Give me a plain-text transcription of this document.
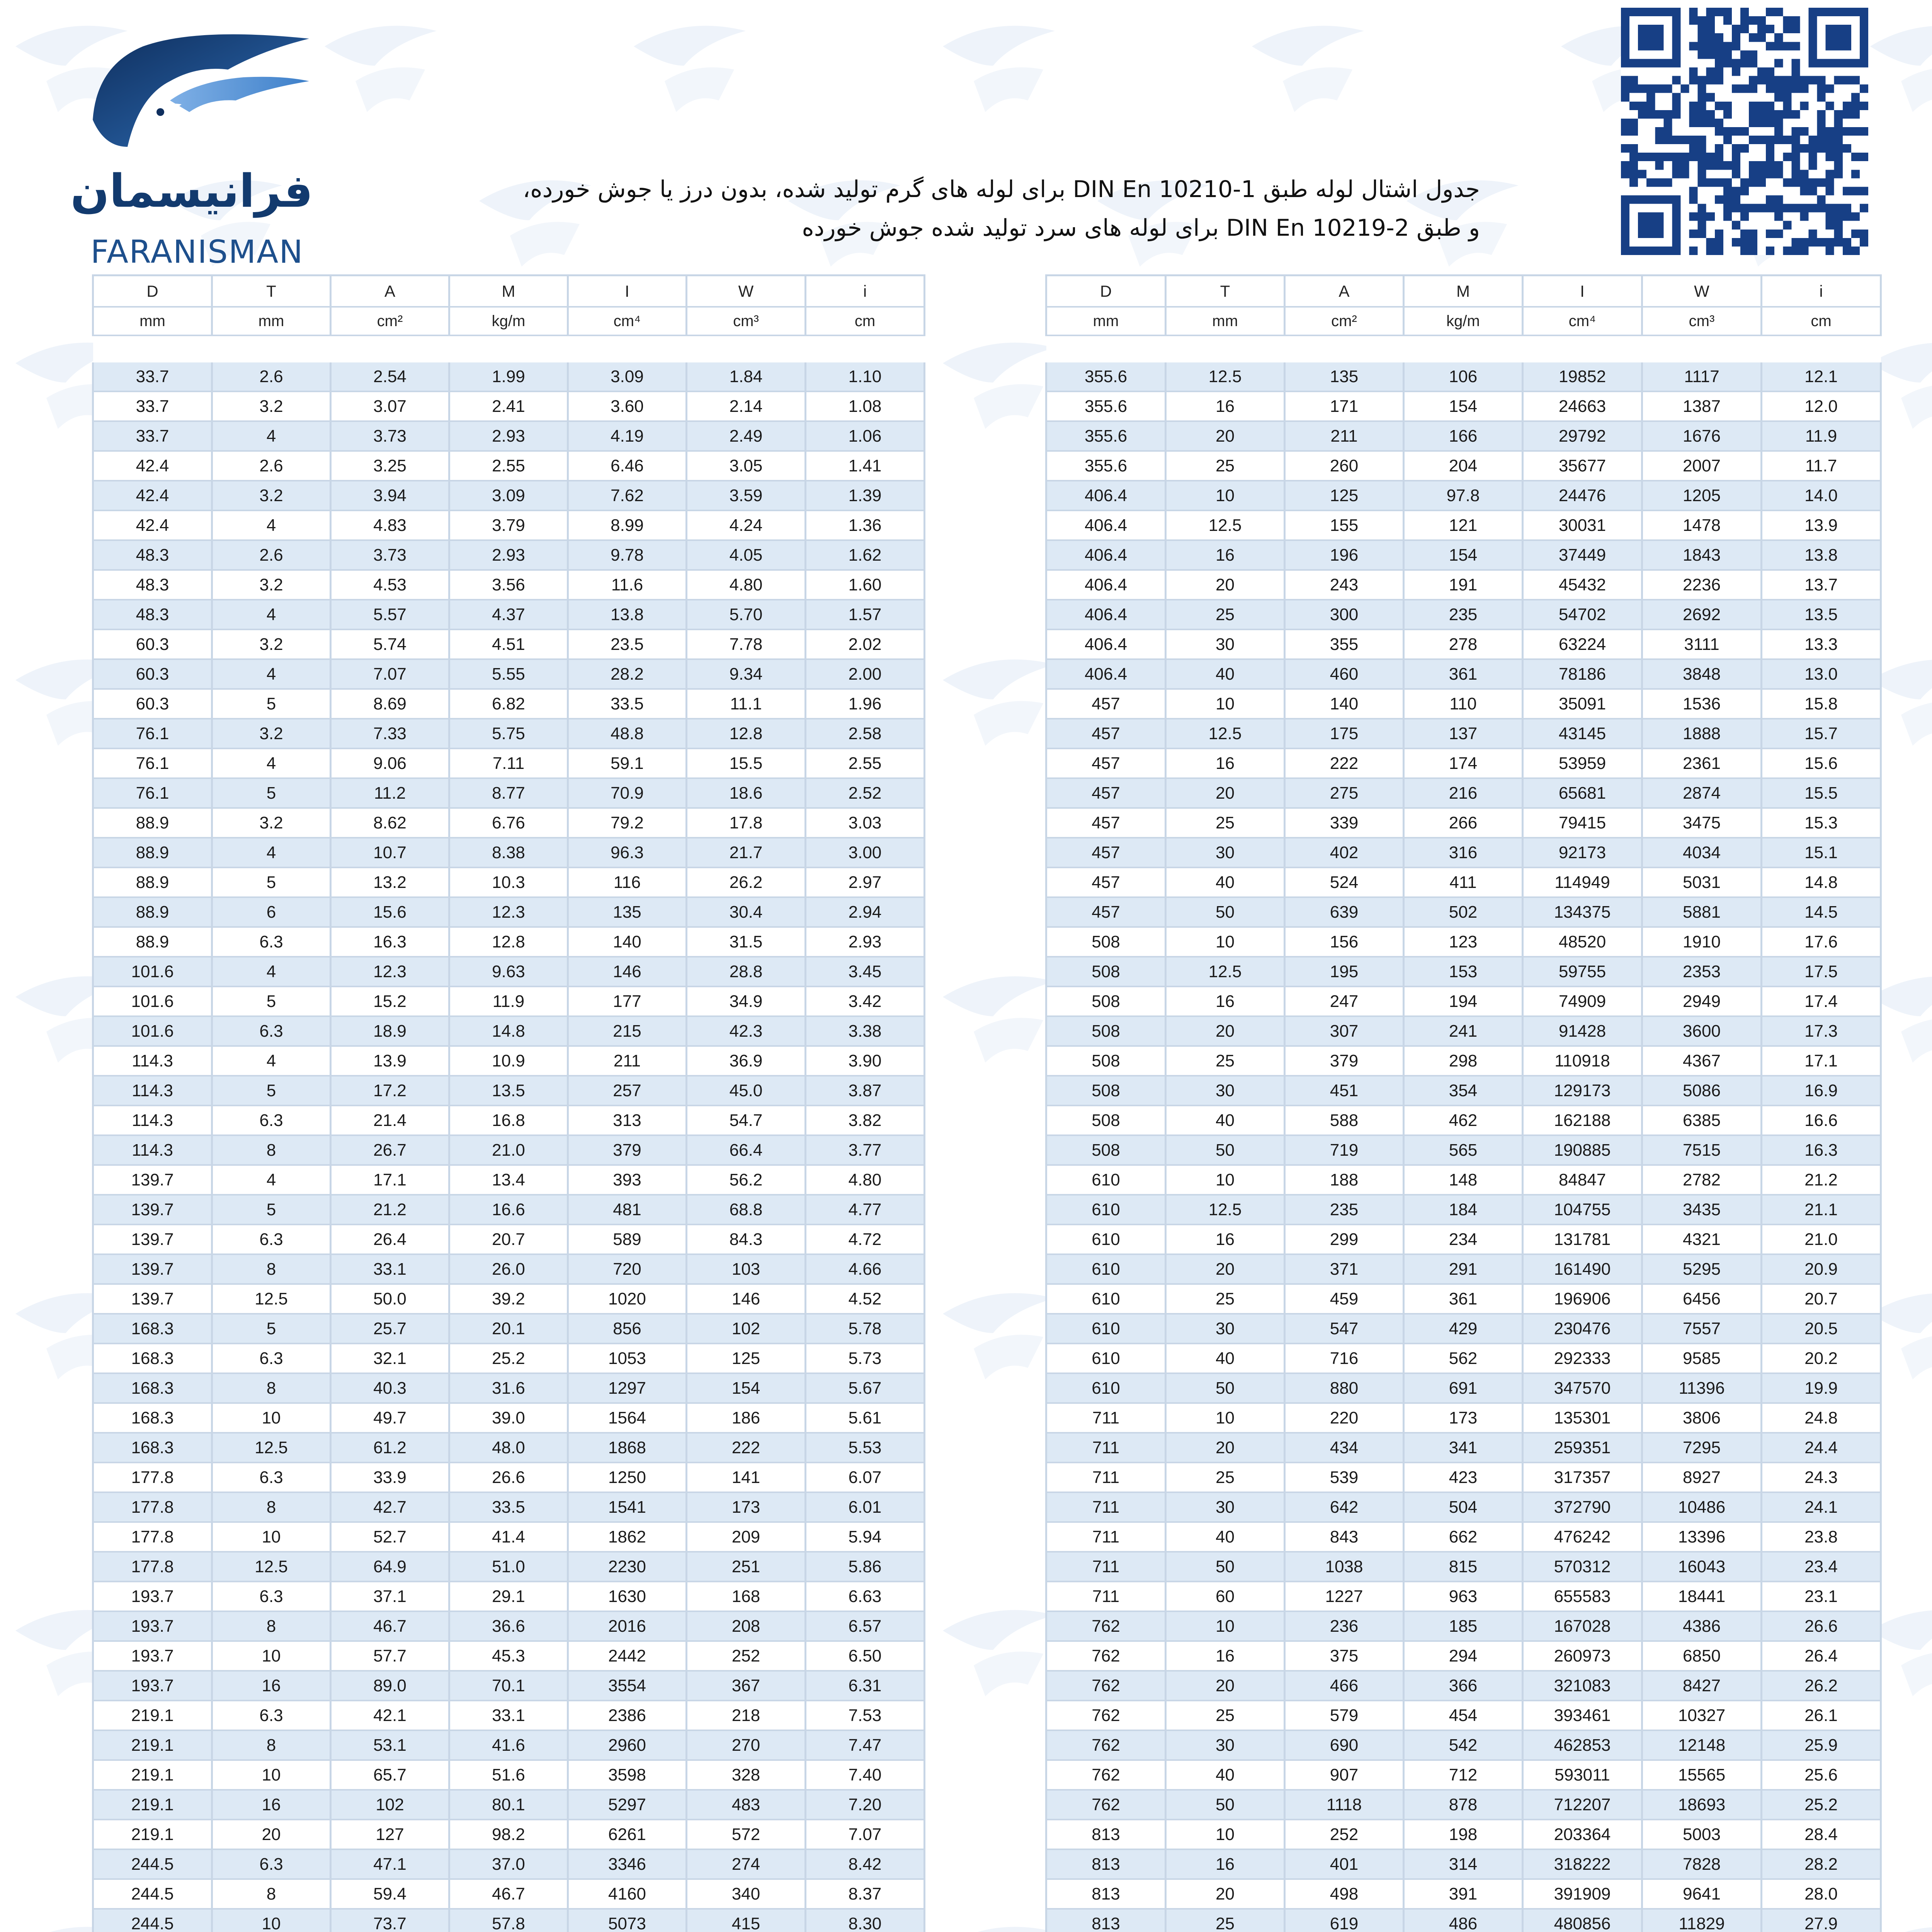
فرانیسمان
FARANISMAN
جدول اشتال لوله طبق DIN En 10210-1 برای لوله های گرم تولید شده، بدون درز یا جوش خورده،
و طبق DIN En 10219-2 برای لوله های سرد تولید شده جوش خورده
D	T	A	M	I	W	i
mm	mm	cm²	kg/m	cm⁴	cm³	cm

33.7	2.6	2.54	1.99	3.09	1.84	1.10
33.7	3.2	3.07	2.41	3.60	2.14	1.08
33.7	4	3.73	2.93	4.19	2.49	1.06
42.4	2.6	3.25	2.55	6.46	3.05	1.41
42.4	3.2	3.94	3.09	7.62	3.59	1.39
42.4	4	4.83	3.79	8.99	4.24	1.36
48.3	2.6	3.73	2.93	9.78	4.05	1.62
48.3	3.2	4.53	3.56	11.6	4.80	1.60
48.3	4	5.57	4.37	13.8	5.70	1.57
60.3	3.2	5.74	4.51	23.5	7.78	2.02
60.3	4	7.07	5.55	28.2	9.34	2.00
60.3	5	8.69	6.82	33.5	11.1	1.96
76.1	3.2	7.33	5.75	48.8	12.8	2.58
76.1	4	9.06	7.11	59.1	15.5	2.55
76.1	5	11.2	8.77	70.9	18.6	2.52
88.9	3.2	8.62	6.76	79.2	17.8	3.03
88.9	4	10.7	8.38	96.3	21.7	3.00
88.9	5	13.2	10.3	116	26.2	2.97
88.9	6	15.6	12.3	135	30.4	2.94
88.9	6.3	16.3	12.8	140	31.5	2.93
101.6	4	12.3	9.63	146	28.8	3.45
101.6	5	15.2	11.9	177	34.9	3.42
101.6	6.3	18.9	14.8	215	42.3	3.38
114.3	4	13.9	10.9	211	36.9	3.90
114.3	5	17.2	13.5	257	45.0	3.87
114.3	6.3	21.4	16.8	313	54.7	3.82
114.3	8	26.7	21.0	379	66.4	3.77
139.7	4	17.1	13.4	393	56.2	4.80
139.7	5	21.2	16.6	481	68.8	4.77
139.7	6.3	26.4	20.7	589	84.3	4.72
139.7	8	33.1	26.0	720	103	4.66
139.7	12.5	50.0	39.2	1020	146	4.52
168.3	5	25.7	20.1	856	102	5.78
168.3	6.3	32.1	25.2	1053	125	5.73
168.3	8	40.3	31.6	1297	154	5.67
168.3	10	49.7	39.0	1564	186	5.61
168.3	12.5	61.2	48.0	1868	222	5.53
177.8	6.3	33.9	26.6	1250	141	6.07
177.8	8	42.7	33.5	1541	173	6.01
177.8	10	52.7	41.4	1862	209	5.94
177.8	12.5	64.9	51.0	2230	251	5.86
193.7	6.3	37.1	29.1	1630	168	6.63
193.7	8	46.7	36.6	2016	208	6.57
193.7	10	57.7	45.3	2442	252	6.50
193.7	16	89.0	70.1	3554	367	6.31
219.1	6.3	42.1	33.1	2386	218	7.53
219.1	8	53.1	41.6	2960	270	7.47
219.1	10	65.7	51.6	3598	328	7.40
219.1	16	102	80.1	5297	483	7.20
219.1	20	127	98.2	6261	572	7.07
244.5	6.3	47.1	37.0	3346	274	8.42
244.5	8	59.4	46.7	4160	340	8.37
244.5	10	73.7	57.8	5073	415	8.30

D	T	A	M	I	W	i
mm	mm	cm²	kg/m	cm⁴	cm³	cm

355.6	12.5	135	106	19852	1117	12.1
355.6	16	171	154	24663	1387	12.0
355.6	20	211	166	29792	1676	11.9
355.6	25	260	204	35677	2007	11.7
406.4	10	125	97.8	24476	1205	14.0
406.4	12.5	155	121	30031	1478	13.9
406.4	16	196	154	37449	1843	13.8
406.4	20	243	191	45432	2236	13.7
406.4	25	300	235	54702	2692	13.5
406.4	30	355	278	63224	3111	13.3
406.4	40	460	361	78186	3848	13.0
457	10	140	110	35091	1536	15.8
457	12.5	175	137	43145	1888	15.7
457	16	222	174	53959	2361	15.6
457	20	275	216	65681	2874	15.5
457	25	339	266	79415	3475	15.3
457	30	402	316	92173	4034	15.1
457	40	524	411	114949	5031	14.8
457	50	639	502	134375	5881	14.5
508	10	156	123	48520	1910	17.6
508	12.5	195	153	59755	2353	17.5
508	16	247	194	74909	2949	17.4
508	20	307	241	91428	3600	17.3
508	25	379	298	110918	4367	17.1
508	30	451	354	129173	5086	16.9
508	40	588	462	162188	6385	16.6
508	50	719	565	190885	7515	16.3
610	10	188	148	84847	2782	21.2
610	12.5	235	184	104755	3435	21.1
610	16	299	234	131781	4321	21.0
610	20	371	291	161490	5295	20.9
610	25	459	361	196906	6456	20.7
610	30	547	429	230476	7557	20.5
610	40	716	562	292333	9585	20.2
610	50	880	691	347570	11396	19.9
711	10	220	173	135301	3806	24.8
711	20	434	341	259351	7295	24.4
711	25	539	423	317357	8927	24.3
711	30	642	504	372790	10486	24.1
711	40	843	662	476242	13396	23.8
711	50	1038	815	570312	16043	23.4
711	60	1227	963	655583	18441	23.1
762	10	236	185	167028	4386	26.6
762	16	375	294	260973	6850	26.4
762	20	466	366	321083	8427	26.2
762	25	579	454	393461	10327	26.1
762	30	690	542	462853	12148	25.9
762	40	907	712	593011	15565	25.6
762	50	1118	878	712207	18693	25.2
813	10	252	198	203364	5003	28.4
813	16	401	314	318222	7828	28.2
813	20	498	391	391909	9641	28.0
813	25	619	486	480856	11829	27.9
